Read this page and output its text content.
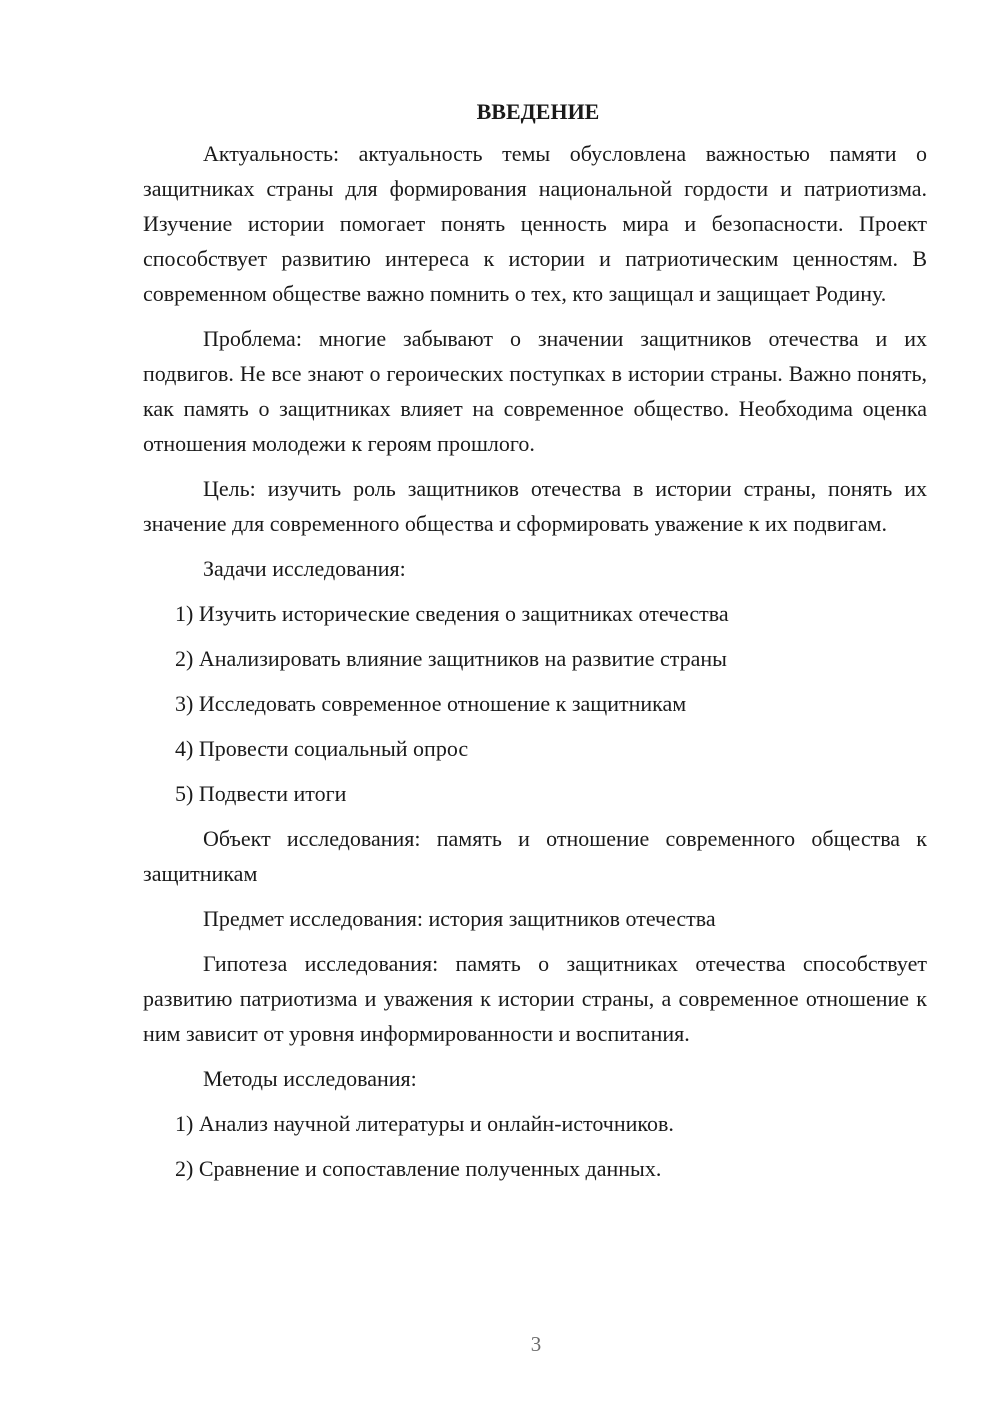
ВВЕДЕНИЕ

Актуальность: актуальность темы обусловлена важностью памяти о защитниках страны для формирования национальной гордости и патриотизма. Изучение истории помогает понять ценность мира и безопасности. Проект способствует развитию интереса к истории и патриотическим ценностям. В современном обществе важно помнить о тех, кто защищал и защищает Родину.

Проблема: многие забывают о значении защитников отечества и их подвигов. Не все знают о героических поступках в истории страны. Важно понять, как память о защитниках влияет на современное общество. Необходима оценка отношения молодежи к героям прошлого.

Цель: изучить роль защитников отечества в истории страны, понять их значение для современного общества и сформировать уважение к их подвигам.

Задачи исследования:

1) Изучить исторические сведения о защитниках отечества

2) Анализировать влияние защитников на развитие страны

3) Исследовать современное отношение к защитникам

4) Провести социальный опрос

5) Подвести итоги

Объект исследования: память и отношение современного общества к защитникам

Предмет исследования: история защитников отечества

Гипотеза исследования: память о защитниках отечества способствует развитию патриотизма и уважения к истории страны, а современное отношение к ним зависит от уровня информированности и воспитания.

Методы исследования:

1) Анализ научной литературы и онлайн-источников.

2) Сравнение и сопоставление полученных данных.

3
